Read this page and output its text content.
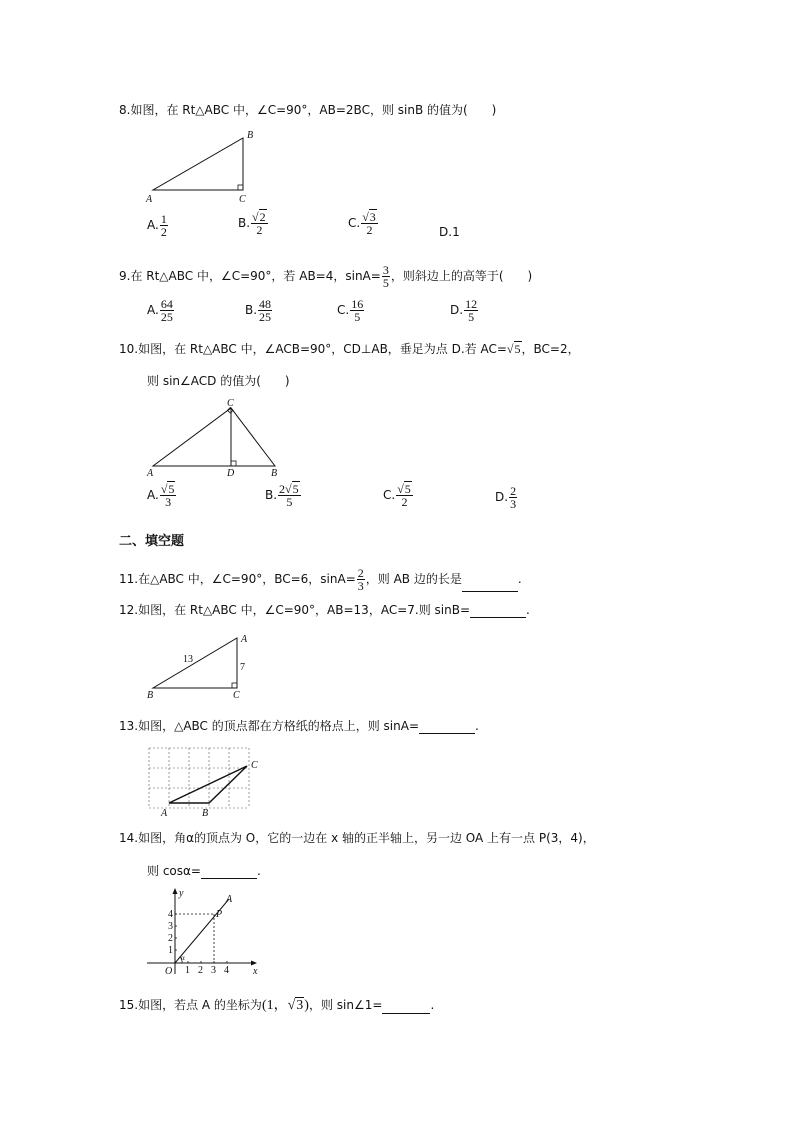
8.如图，在 Rt△ABC 中，∠C=90°，AB=2BC，则 sinB 的值为(　　)
A	C
B
A. $\frac{1}{2}$	B. $\frac{√2}{2}$	C. $\frac{√3}{2}$	D.1
9.在 Rt△ABC 中，∠C=90°，若 AB=4，$\sin A= \frac{3}{5}$ ，则斜边上的高等于(　　)
A. $\frac{64}{25}$	B. $\frac{48}{25}$	C. $\frac{16}{5}$	D. $\frac{12}{5}$
10.如图，在 Rt△ABC 中，∠ACB=90°，CD⊥AB，垂足为点 D.若 AC=√5，BC=2，
则 sin∠ACD 的值为(　　)
A	D	B
C
A. $\frac{√5}{3}$	B. $\frac{2√5}{5}$	C. $\frac{√5}{2}$	D. $\frac{2}{3}$
二、填空题
11.在△ABC 中，∠C=90°，BC=6，$\sin A= \frac{2}{3}$ ，则 AB 边的长是	.
12.如图，在 Rt△ABC 中，∠C=90°，AB=13，AC=7.则 sinB=	.
B	C
A
13
7
13.如图，△ABC 的顶点都在方格纸的格点上，则 sinA=	.
A	B
C
14.如图，角α的顶点为 O，它的一边在 x 轴的正半轴上，另一边 OA 上有一点 P(3，4)，
则 cosα=	.
y
x
O
A
P
α
1 2 3 4
1
2
3
4
15.如图，若点 A 的坐标为(1，√3)，则 sin∠1=	.
